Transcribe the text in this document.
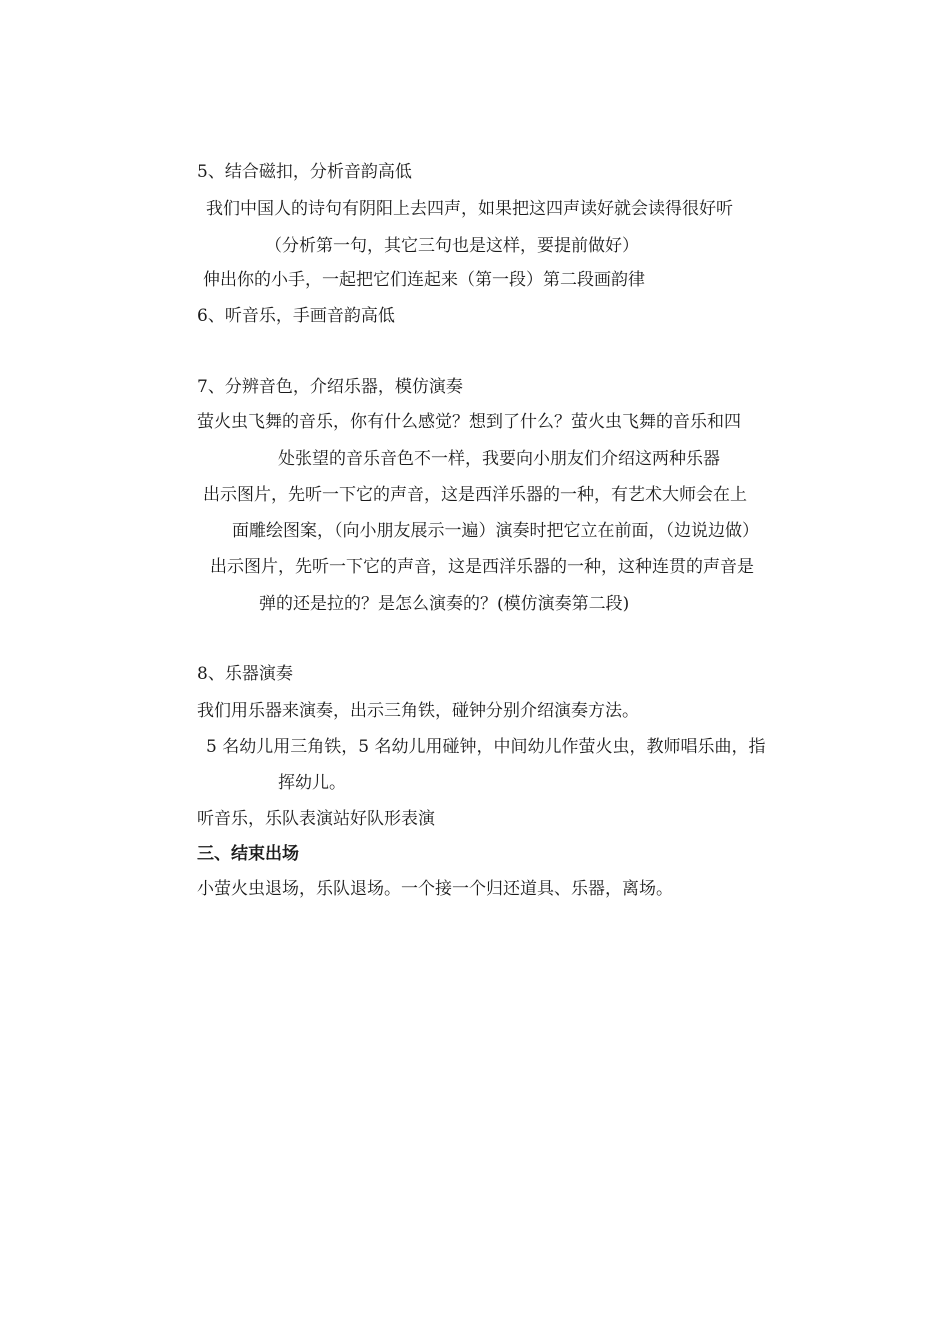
5、结合磁扣，分析音韵高低
我们中国人的诗句有阴阳上去四声，如果把这四声读好就会读得很好听
（分析第一句，其它三句也是这样，要提前做好）
伸出你的小手，一起把它们连起来（第一段）第二段画韵律
6、听音乐，手画音韵高低
7、分辨音色，介绍乐器，模仿演奏
萤火虫飞舞的音乐，你有什么感觉？想到了什么？萤火虫飞舞的音乐和四
处张望的音乐音色不一样，我要向小朋友们介绍这两种乐器
出示图片，先听一下它的声音，这是西洋乐器的一种，有艺术大师会在上
面雕绘图案，（向小朋友展示一遍）演奏时把它立在前面，（边说边做）
出示图片，先听一下它的声音，这是西洋乐器的一种，这种连贯的声音是
弹的还是拉的？是怎么演奏的？(模仿演奏第二段)
8、乐器演奏
我们用乐器来演奏，出示三角铁，碰钟分别介绍演奏方法。
5 名幼儿用三角铁，5 名幼儿用碰钟，中间幼儿作萤火虫，教师唱乐曲，指
挥幼儿。
听音乐，乐队表演站好队形表演
三、结束出场
小萤火虫退场，乐队退场。一个接一个归还道具、乐器，离场。
